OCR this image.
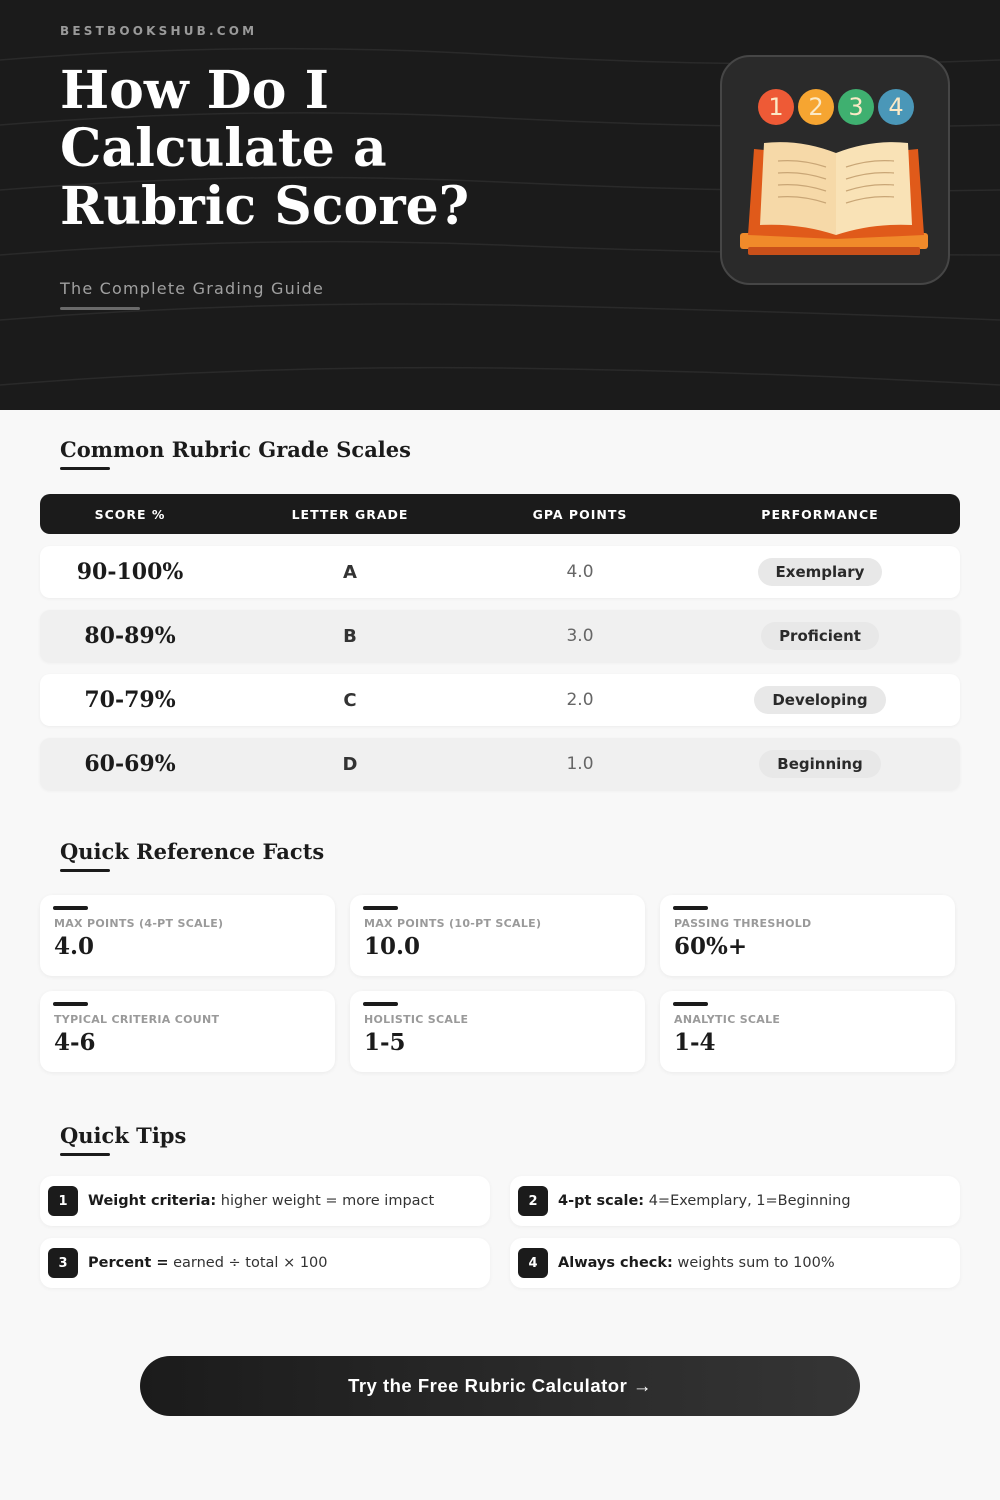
BESTBOOKSHUB.COM
How Do I
Calculate a
Rubric Score?
The Complete Grading Guide
1	2	3	4
Common Rubric Grade Scales
SCORE %	LETTER GRADE	GPA POINTS	PERFORMANCE
90-100%	A	4.0	Exemplary
80-89%	B	3.0	Proficient
70-79%	C	2.0	Developing
60-69%	D	1.0	Beginning
Quick Reference Facts
MAX POINTS (4-PT SCALE)
4.0
MAX POINTS (10-PT SCALE)
10.0
PASSING THRESHOLD
60%+
TYPICAL CRITERIA COUNT
4-6
HOLISTIC SCALE
1-5
ANALYTIC SCALE
1-4
Quick Tips
1	Weight criteria: higher weight = more impact	2	4-pt scale: 4=Exemplary, 1=Beginning
3	Percent = earned ÷ total × 100	4	Always check: weights sum to 100%
Try the Free Rubric Calculator →
